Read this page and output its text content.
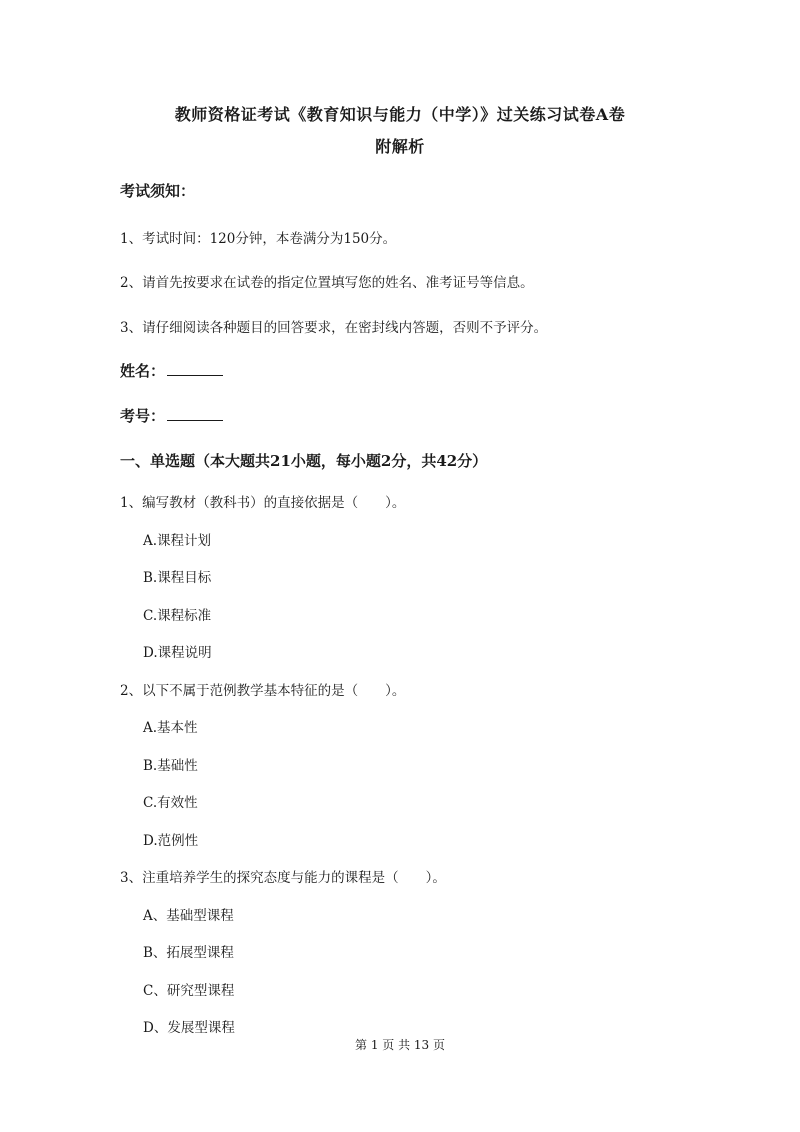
教师资格证考试《教育知识与能力（中学）》过关练习试卷A卷
附解析
考试须知：
1、考试时间：120分钟，本卷满分为150分。
2、请首先按要求在试卷的指定位置填写您的姓名、准考证号等信息。
3、请仔细阅读各种题目的回答要求，在密封线内答题，否则不予评分。
姓名：
考号：
一、单选题（本大题共21小题，每小题2分，共42分）
1、编写教材（教科书）的直接依据是（　　）。
A.课程计划
B.课程目标
C.课程标准
D.课程说明
2、以下不属于范例教学基本特征的是（　　）。
A.基本性
B.基础性
C.有效性
D.范例性
3、注重培养学生的探究态度与能力的课程是（　　）。
A、基础型课程
B、拓展型课程
C、研究型课程
D、发展型课程
第 1 页 共 13 页
